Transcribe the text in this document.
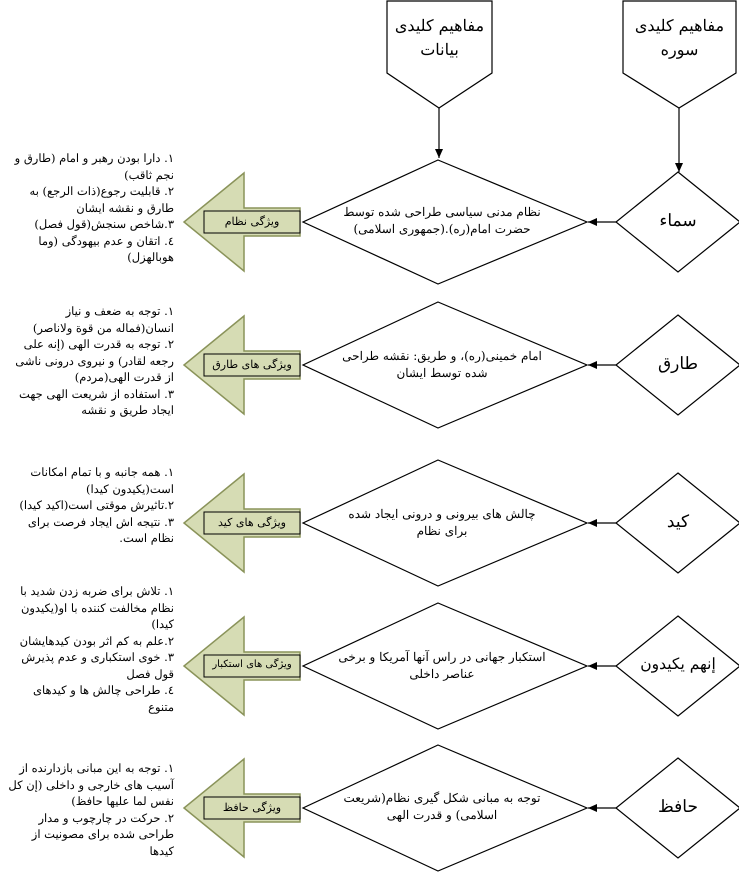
مفاهیم کلیدی
بیانات
مفاهیم کلیدی
سوره
سماء
نظام مدنی سیاسی طراحی شده توسط حضرت امام(ره).(جمهوری اسلامی)
ویژگی نظام
۱. دارا بودن رهبر و امام (طارق و نجم ثاقب)
۲. قابلیت رجوع(ذات الرجع) به طارق و نقشه ایشان
۳.شاخص سنجش(قول فصل)
٤. اتقان و عدم بیهودگی (وما هوبالهزل)
طارق
امام خمینی(ره)، و طریق: نقشه طراحی شده توسط ایشان
ویژگی های طارق
۱. توجه به ضعف و نیاز انسان(فماله من قوة ولاناصر)
۲. توجه به قدرت الهی (إنه علی رجعه لقادر) و نیروی درونی ناشی از قدرت الهی(مردم)
۳. استفاده از شریعت الهی جهت ایجاد طریق و نقشه
کید
چالش های بیرونی و درونی ایجاد شده برای نظام
ویژگی های کید
۱. همه جانبه و با تمام امکانات است(یکیدون کیدا)
۲.تاثیرش موقتی است(اکید کیدا)
۳. نتیجه اش ایجاد فرصت برای نظام است.
إنهم یکیدون
استکبار جهانی در راس آنها آمریکا و برخی عناصر داخلی
ویژگی های استکبار
۱. تلاش برای ضربه زدن شدید با نظام مخالفت کننده با او(یکیدون کیدا)
۲.علم به کم اثر بودن کیدهایشان
۳. خوی استکباری و عدم پذیرش قول فصل
٤. طراحی چالش ها و کیدهای متنوع
حافظ
توجه به مبانی شکل گیری نظام(شریعت اسلامی) و قدرت الهی
ویژگی حافظ
۱. توجه به این مبانی بازدارنده از آسیب های خارجی و داخلی (إن کل نفس لما علیها حافظ)
۲. حرکت در چارچوب و مدار طراحی شده برای مصونیت از کیدها
